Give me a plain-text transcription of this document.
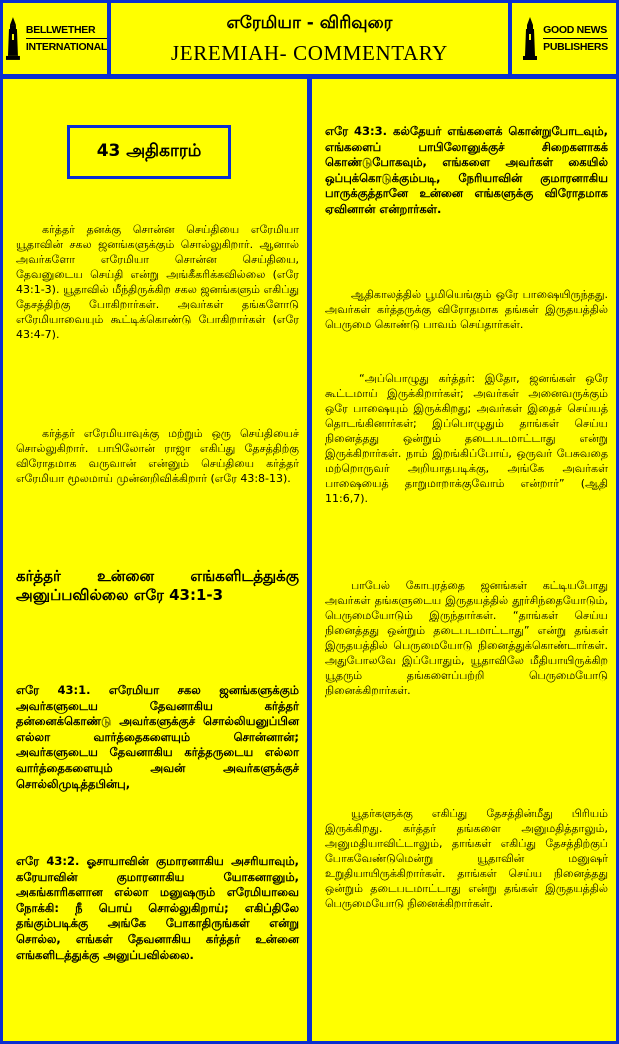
BELLWETHER
INTERNATIONAL
எரேமியா - விரிவுரை
JEREMIAH- COMMENTARY
GOOD NEWS
PUBLISHERS
43 அதிகாரம்

கர்த்தர் தனக்கு சொன்ன செய்தியை எரேமியா யூதாவின் சகல ஜனங்களுக்கும் சொல்லுகிறார். ஆனால் அவர்களோ எரேமியா சொன்ன செய்தியை, தேவனுடைய செய்தி என்று அங்கீகரிக்கவில்லை (எரே 43:1-3). யூதாவில் மீந்திருக்கிற சகல ஜனங்களும் எகிப்து தேசத்திற்கு போகிறார்கள். அவர்கள் தங்களோடு எரேமியாவையும் கூட்டிக்கொண்டு போகிறார்கள் (எரே 43:4-7).

கர்த்தர் எரேமியாவுக்கு மற்றும் ஒரு செய்தியைச் சொல்லுகிறார். பாபிலோன் ராஜா எகிப்து தேசத்திற்கு விரோதமாக வருவான் என்னும் செய்தியை கர்த்தர் எரேமியா மூலமாய் முன்னறிவிக்கிறார் (எரே 43:8-13).

கர்த்தர் உன்னை எங்களிடத்துக்கு அனுப்பவில்லை எரே 43:1-3

எரே 43:1. எரேமியா சகல ஜனங்களுக்கும் அவர்களுடைய தேவனாகிய கர்த்தர் தன்னைக்கொண்டு அவர்களுக்குச் சொல்லியனுப்பின எல்லா வார்த்தைகளையும் சொன்னான்; அவர்களுடைய தேவனாகிய கர்த்தருடைய எல்லா வார்த்தைகளையும் அவன் அவர்களுக்குச் சொல்லிமுடித்தபின்பு,

எரே 43:2. ஓசாயாவின் குமாரனாகிய அசரியாவும், கரேயாவின் குமாரனாகிய யோகனானும், அகங்காரிகளான எல்லா மனுஷரும் எரேமியாவை நோக்கி: நீ பொய் சொல்லுகிறாய்; எகிப்திலே தங்கும்படிக்கு அங்கே போகாதிருங்கள் என்று சொல்ல, எங்கள் தேவனாகிய கர்த்தர் உன்னை எங்களிடத்துக்கு அனுப்பவில்லை.

எரே 43:3. கல்தேயர் எங்களைக் கொன்றுபோடவும், எங்களைப் பாபிலோனுக்குச் சிறைகளாகக் கொண்டுபோகவும், எங்களை அவர்கள் கையில் ஒப்புக்கொடுக்கும்படி, நேரியாவின் குமாரனாகிய பாருக்குத்தானே உன்னை எங்களுக்கு விரோதமாக ஏவினான் என்றார்கள்.

ஆதிகாலத்தில் பூமியெங்கும் ஒரே பாஷையிருந்தது. அவர்கள் கர்த்தருக்கு விரோதமாக தங்கள் இருதயத்தில் பெருமை கொண்டு பாவம் செய்தார்கள்.

“அப்பொழுது கர்த்தர்: இதோ, ஜனங்கள் ஒரே கூட்டமாய் இருக்கிறார்கள்; அவர்கள் அனைவருக்கும் ஒரே பாஷையும் இருக்கிறது; அவர்கள் இதைச் செய்யத் தொடங்கினார்கள்; இப்பொழுதும் தாங்கள் செய்ய நினைத்தது ஒன்றும் தடைபடமாட்டாது என்று இருக்கிறார்கள். நாம் இறங்கிப்போய், ஒருவர் பேசுவதை மற்றொருவர் அறியாதபடிக்கு, அங்கே அவர்கள் பாஷையைத் தாறுமாறாக்குவோம் என்றார்” (ஆதி 11:6,7).

பாபேல் கோபுரத்தை ஜனங்கள் கட்டியபோது அவர்கள் தங்களுடைய இருதயத்தில் தூர்சிந்தையோடும், பெருமையோடும் இருந்தார்கள். “தாங்கள் செய்ய நினைத்தது ஒன்றும் தடைபடமாட்டாது” என்று தங்கள் இருதயத்தில் பெருமையோடு நினைத்துக்கொண்டார்கள். அதுபோலவே இப்போதும், யூதாவிலே மீதியாயிருக்கிற யூதரும் தங்களைப்பற்றி பெருமையோடு நினைக்கிறார்கள்.

யூதர்களுக்கு எகிப்து தேசத்தின்மீது பிரியம் இருக்கிறது. கர்த்தர் தங்களை அனுமதித்தாலும், அனுமதியாவிட்டாலும், தாங்கள் எகிப்து தேசத்திற்குப் போகவேண்டுமென்று யூதாவின் மனுஷர் உறுதியாயிருக்கிறார்கள். தாங்கள் செய்ய நினைத்தது ஒன்றும் தடைபடமாட்டாது என்று தங்கள் இருதயத்தில் பெருமையோடு நினைக்கிறார்கள்.
